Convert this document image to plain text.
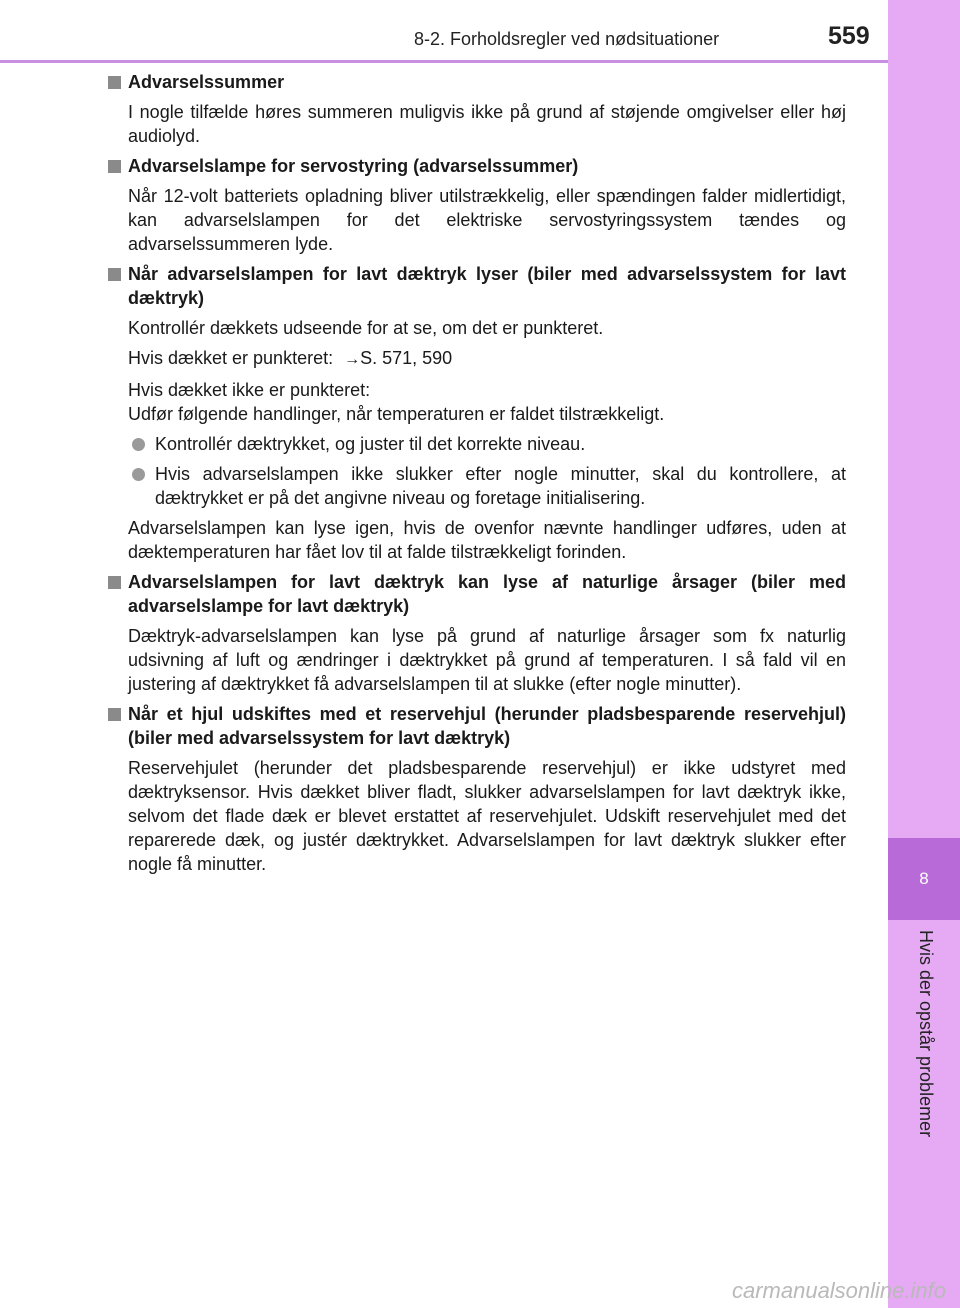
8-2. Forholdsregler ved nødsituationer	559
8
Hvis der opstår problemer
Advarselssummer
I nogle tilfælde høres summeren muligvis ikke på grund af støjende omgivelser eller høj audiolyd.
Advarselslampe for servostyring (advarselssummer)
Når 12-volt batteriets opladning bliver utilstrækkelig, eller spændingen falder midlertidigt, kan advarselslampen for det elektriske servostyringssystem tændes og advarselssummeren lyde.
Når advarselslampen for lavt dæktryk lyser (biler med advarselssystem for lavt dæktryk)
Kontrollér dækkets udseende for at se, om det er punkteret.
Hvis dækket er punkteret: →S. 571, 590
Hvis dækket ikke er punkteret:
Udfør følgende handlinger, når temperaturen er faldet tilstrækkeligt.
Kontrollér dæktrykket, og juster til det korrekte niveau.
Hvis advarselslampen ikke slukker efter nogle minutter, skal du kontrollere, at dæktrykket er på det angivne niveau og foretage initialisering.
Advarselslampen kan lyse igen, hvis de ovenfor nævnte handlinger udføres, uden at dæktemperaturen har fået lov til at falde tilstrækkeligt forinden.
Advarselslampen for lavt dæktryk kan lyse af naturlige årsager (biler med advarselslampe for lavt dæktryk)
Dæktryk-advarselslampen kan lyse på grund af naturlige årsager som fx naturlig udsivning af luft og ændringer i dæktrykket på grund af temperaturen. I så fald vil en justering af dæktrykket få advarselslampen til at slukke (efter nogle minutter).
Når et hjul udskiftes med et reservehjul (herunder pladsbesparende reservehjul) (biler med advarselssystem for lavt dæktryk)
Reservehjulet (herunder det pladsbesparende reservehjul) er ikke udstyret med dæktryksensor. Hvis dækket bliver fladt, slukker advarselslampen for lavt dæktryk ikke, selvom det flade dæk er blevet erstattet af reservehjulet. Udskift reservehjulet med det reparerede dæk, og justér dæktrykket. Advarselslampen for lavt dæktryk slukker efter nogle få minutter.
carmanualsonline.info
